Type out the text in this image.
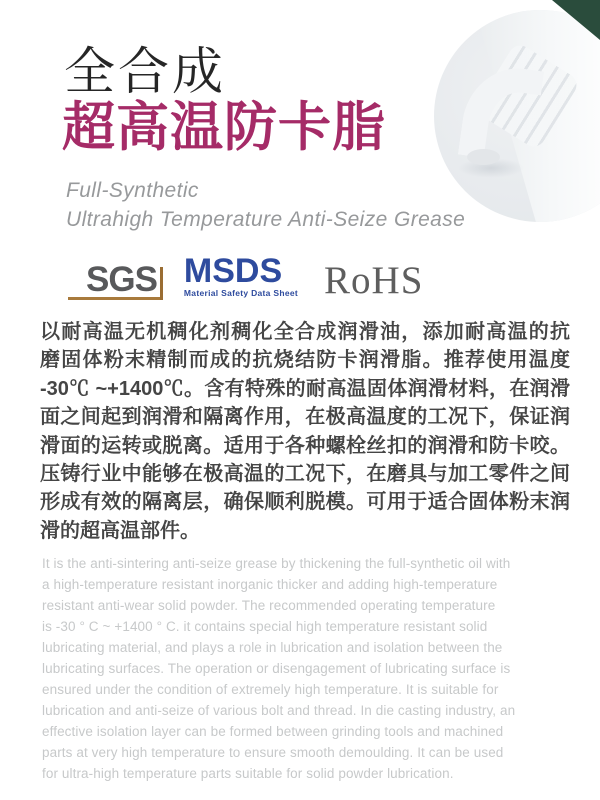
全合成
超高温防卡脂
Full-Synthetic
Ultrahigh Temperature Anti-Seize Grease
SGS MSDS
Material Safety Data Sheet RoHS
以耐高温无机稠化剂稠化全合成润滑油，添加耐高温的抗
磨固体粉末精制而成的抗烧结防卡润滑脂。推荐使用温度
-30℃ ~+1400℃。含有特殊的耐高温固体润滑材料，在润滑
面之间起到润滑和隔离作用，在极高温度的工况下，保证润
滑面的运转或脱离。适用于各种螺栓丝扣的润滑和防卡咬。
压铸行业中能够在极高温的工况下，在磨具与加工零件之间
形成有效的隔离层，确保顺利脱模。可用于适合固体粉末润
滑的超高温部件。
It is the anti-sintering anti-seize grease by thickening the full-synthetic oil with
a high-temperature resistant inorganic thicker and adding high-temperature
resistant anti-wear solid powder. The recommended operating temperature
is -30 ° C ~ +1400 ° C. it contains special high temperature resistant solid
lubricating material, and plays a role in lubrication and isolation between the
lubricating surfaces. The operation or disengagement of lubricating surface is
ensured under the condition of extremely high temperature. It is suitable for
lubrication and anti-seize of various bolt and thread. In die casting industry, an
effective isolation layer can be formed between grinding tools and machined
parts at very high temperature to ensure smooth demoulding. It can be used
for ultra-high temperature parts suitable for solid powder lubrication.
